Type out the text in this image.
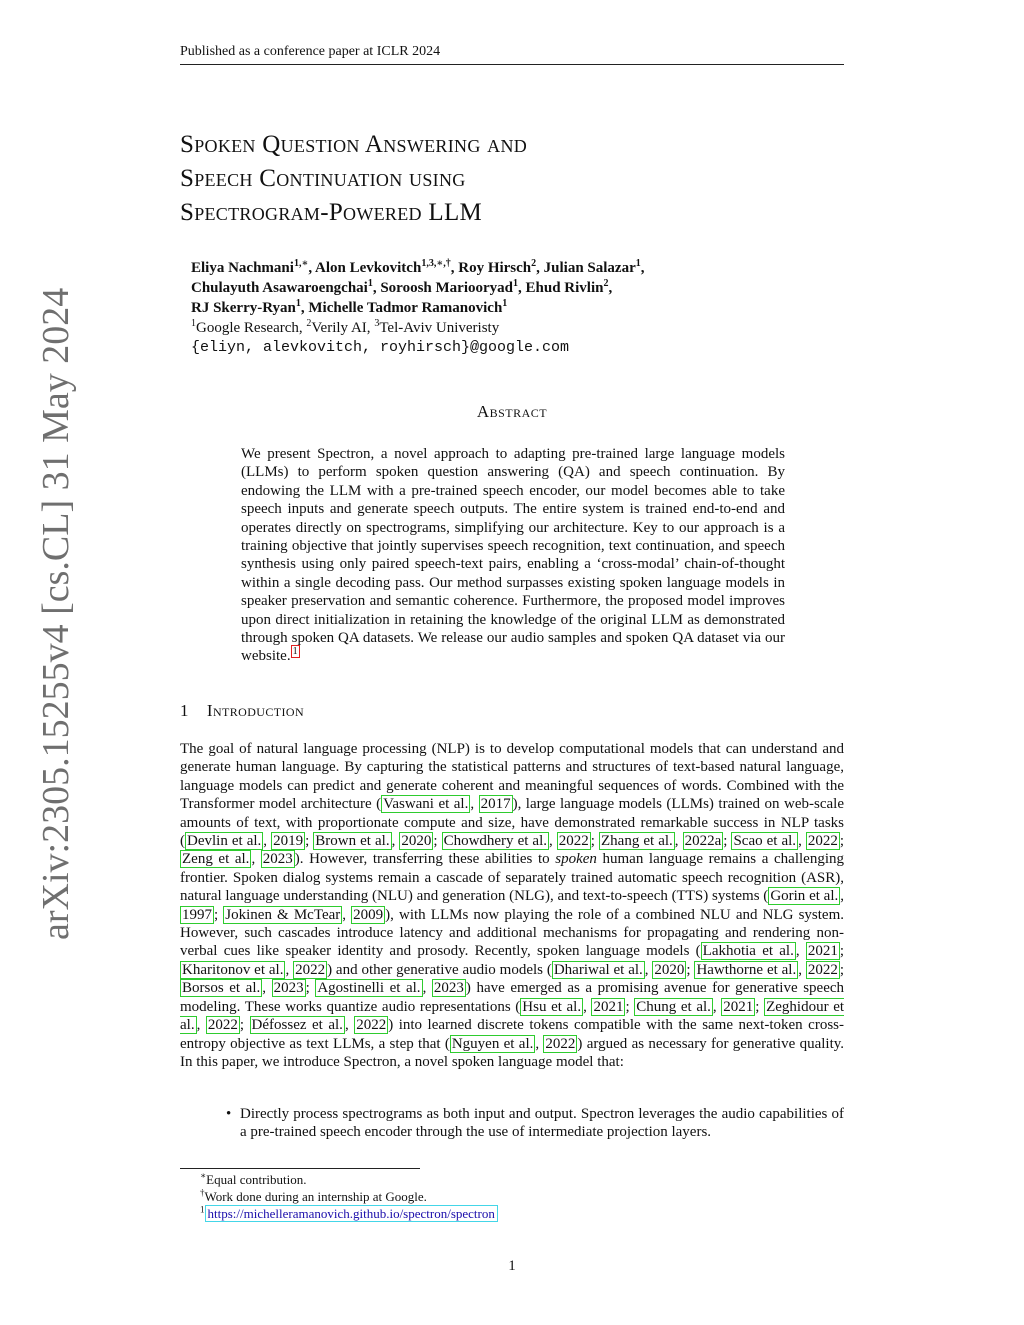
Published as a conference paper at ICLR 2024
arXiv:2305.15255v4 [cs.CL] 31 May 2024
Spoken Question Answering and
Speech Continuation using
Spectrogram-Powered LLM
Eliya Nachmani$^{1,∗}$, Alon Levkovitch$^{1,3,∗,\dagger}$, Roy Hirsch$^2$, Julian Salazar$^1$,
Chulayuth Asawaroengchai$^1$, Soroosh Mariooryad$^1$, Ehud Rivlin$^2$,
RJ Skerry-Ryan$^1$, Michelle Tadmor Ramanovich$^1$
$^1$Google Research, $^2$Verily AI, $^3$Tel-Aviv Univeristy
{eliyn, alevkovitch, royhirsch}@google.com
Abstract
We present Spectron, a novel approach to adapting pre-trained large language models (LLMs) to perform spoken question answering (QA) and speech continuation. By endowing the LLM with a pre-trained speech encoder, our model becomes able to take speech inputs and generate speech outputs. The entire system is trained end-to-end and operates directly on spectrograms, simplifying our architecture. Key to our approach is a training objective that jointly supervises speech recognition, text continuation, and speech synthesis using only paired speech-text pairs, enabling a ‘cross-modal’ chain-of-thought within a single decoding pass. Our method surpasses existing spoken language models in speaker preservation and semantic coherence. Furthermore, the proposed model improves upon direct initialization in retaining the knowledge of the original LLM as demonstrated through spoken QA datasets. We release our audio samples and spoken QA dataset via our website. $^1$
1 Introduction
The goal of natural language processing (NLP) is to develop computational models that can understand and generate human language. By capturing the statistical patterns and structures of text-based natural language, language models can predict and generate coherent and meaningful sequences of words. Combined with the Transformer model architecture ( Vaswani et al. , 2017 ), large language models (LLMs) trained on web-scale amounts of text, with proportionate compute and size, have demonstrated remarkable success in NLP tasks ( Devlin et al. , 2019 ; Brown et al. , 2020 ; Chowdhery et al. , 2022 ; Zhang et al. , 2022a ; Scao et al. , 2022 ; Zeng et al. , 2023 ). However, transferring these abilities to spoken human language remains a challenging frontier. Spoken dialog systems remain a cascade of separately trained automatic speech recognition (ASR), natural language understanding (NLU) and generation (NLG), and text-to-speech (TTS) systems ( Gorin et al. , 1997 ; Jokinen & McTear , 2009 ), with LLMs now playing the role of a combined NLU and NLG system. However, such cascades introduce latency and additional mechanisms for propagating and rendering non-verbal cues like speaker identity and prosody. Recently, spoken language models ( Lakhotia et al. , 2021 ; Kharitonov et al. , 2022 ) and other generative audio models ( Dhariwal et al. , 2020 ; Hawthorne et al. , 2022 ; Borsos et al. , 2023 ; Agostinelli et al. , 2023 ) have emerged as a promising avenue for generative speech modeling. These works quantize audio representations ( Hsu et al. , 2021 ; Chung et al. , 2021 ; Zeghidour et al. , 2022 ; Défossez et al. , 2022 ) into learned discrete tokens compatible with the same next-token cross-entropy objective as text LLMs, a step that ( Nguyen et al. , 2022 ) argued as necessary for generative quality. In this paper, we introduce Spectron, a novel spoken language model that:
• Directly process spectrograms as both input and output. Spectron leverages the audio capabilities of a pre-trained speech encoder through the use of intermediate projection layers.
∗Equal contribution.
†Work done during an internship at Google.
$^1$ https://michelleramanovich.github.io/spectron/spectron
1
